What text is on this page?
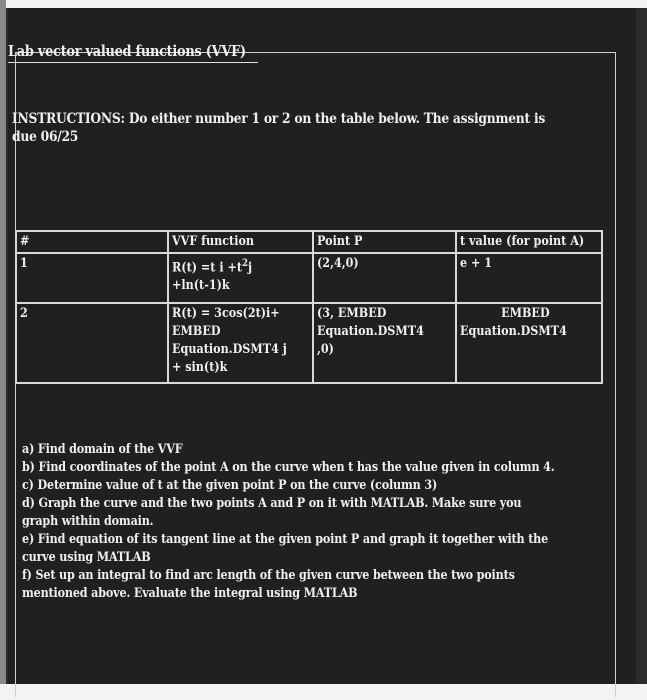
Lab vector valued functions (VVF)
INSTRUCTIONS: Do either number 1 or 2 on the table below. The assignment is due 06/25
#	VVF function	Point P	t value (for point A)

1	R(t) =t $i +t^2j$
+ln(t-1)k	(2,4,0)	e + 1

2	R(t) = 3cos(2t)i+
EMBED
Equation.DSMT4 j
+ sin(t)k	(3, EMBED
Equation.DSMT4
,0)	EMBED
Equation.DSMT4
a) Find domain of the VVF
b) Find coordinates of the point A on the curve when t has the value given in column 4.
c) Determine value of t at the given point P on the curve (column 3)
d) Graph the curve and the two points A and P on it with MATLAB. Make sure you graph within domain.
e) Find equation of its tangent line at the given point P and graph it together with the curve using MATLAB
f) Set up an integral to find arc length of the given curve between the two points mentioned above. Evaluate the integral using MATLAB
